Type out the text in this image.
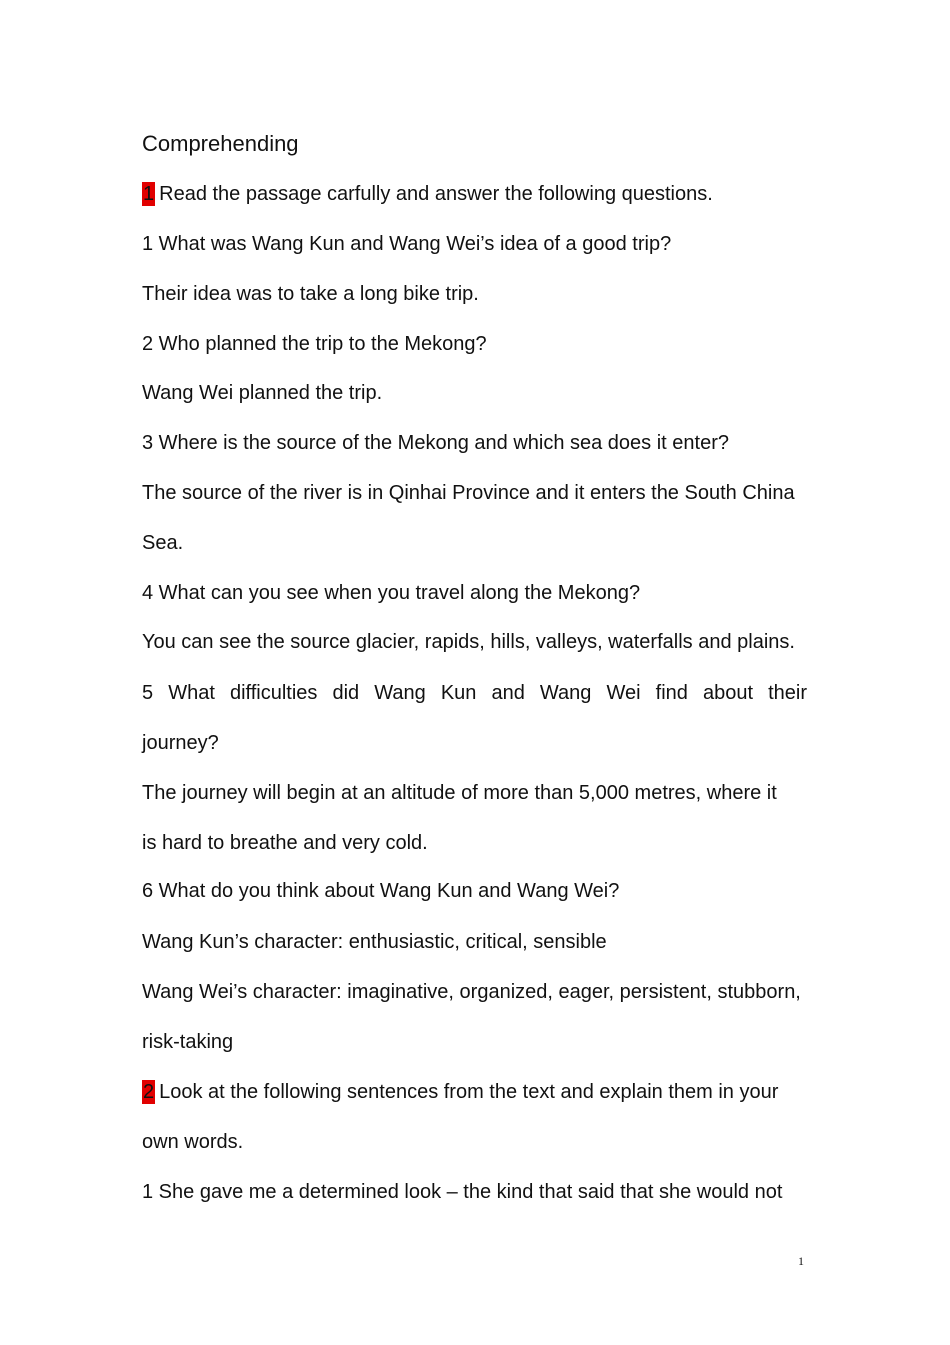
Comprehending
1 Read the passage carfully and answer the following questions.
1 What was Wang Kun and Wang Wei’s idea of a good trip?
Their idea was to take a long bike trip.
2 Who planned the trip to the Mekong?
Wang Wei planned the trip.
3 Where is the source of the Mekong and which sea does it enter?
The source of the river is in Qinhai Province and it enters the South China
Sea.
4 What can you see when you travel along the Mekong?
You can see the source glacier, rapids, hills, valleys, waterfalls and plains.
5 What difficulties did Wang Kun and Wang Wei find about their
journey?
The journey will begin at an altitude of more than 5,000 metres, where it
is hard to breathe and very cold.
6 What do you think about Wang Kun and Wang Wei?
Wang Kun’s character: enthusiastic, critical, sensible
Wang Wei’s character: imaginative, organized, eager, persistent, stubborn,
risk-taking
2 Look at the following sentences from the text and explain them in your
own words.
1 She gave me a determined look – the kind that said that she would not
1
